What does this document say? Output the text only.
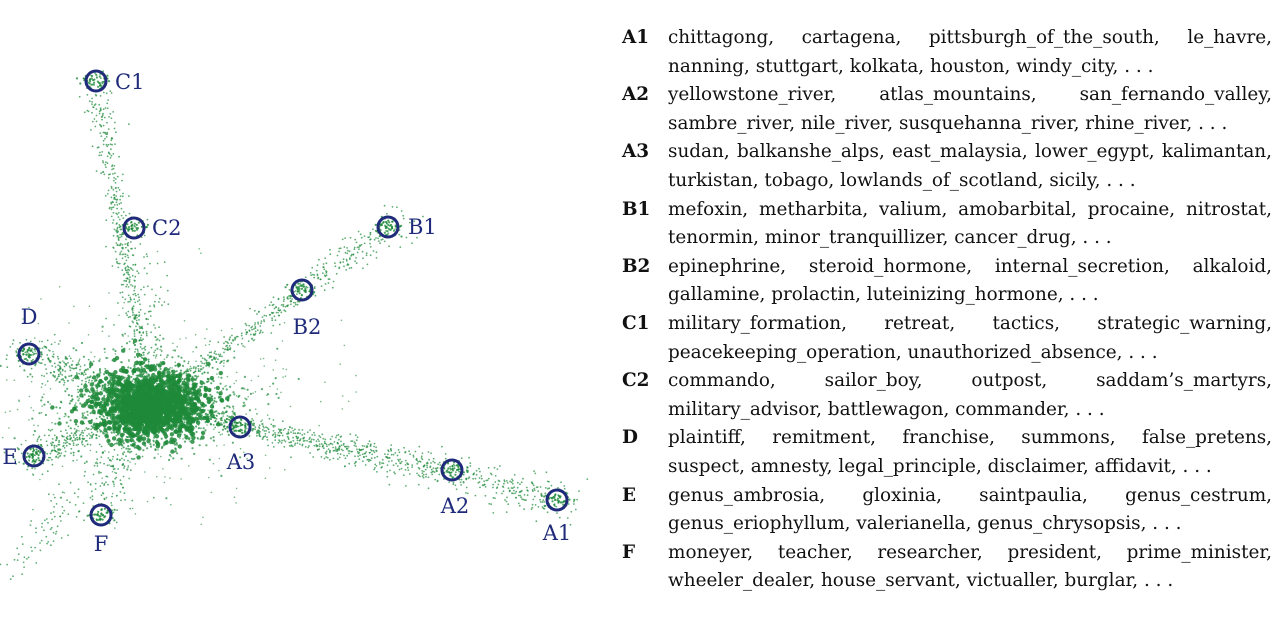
A1
A2
A3
B1
B2
C1
C2
D
E
F
A1	chittagong, cartagena, pittsburgh_of_the_south, le_havre, nanning, stuttgart, kolkata, houston, windy_city, . . .
A2	yellowstone_river, atlas_mountains, san_fernando_valley, sambre_river, nile_river, susquehanna_river, rhine_river, . . .
A3	sudan, balkanshe_alps, east_malaysia, lower_egypt, kalimantan, turkistan, tobago, lowlands_of_scotland, sicily, . . .
B1 mefoxin, metharbita, valium, amobarbital, procaine, nitrostat, tenormin, minor_tranquillizer, cancer_drug, . . .
B2 epinephrine, steroid_hormone, internal_secretion, alkaloid, gallamine, prolactin, luteinizing_hormone, . . .
C1	military_formation, retreat, tactics, strategic_warning, peacekeeping_operation, unauthorized_absence, . . .
C2	commando, sailor_boy, outpost, saddam’s_martyrs, military_advisor, battlewagon, commander, . . .
D	plaintiff, remitment, franchise, summons, false_pretens, suspect, amnesty, legal_principle, disclaimer, affidavit, . . .
E	genus_ambrosia, gloxinia, saintpaulia, genus_cestrum, genus_eriophyllum, valerianella, genus_chrysopsis, . . .
F	moneyer, teacher, researcher, president, prime_minister, wheeler_dealer, house_servant, victualler, burglar, . . .
